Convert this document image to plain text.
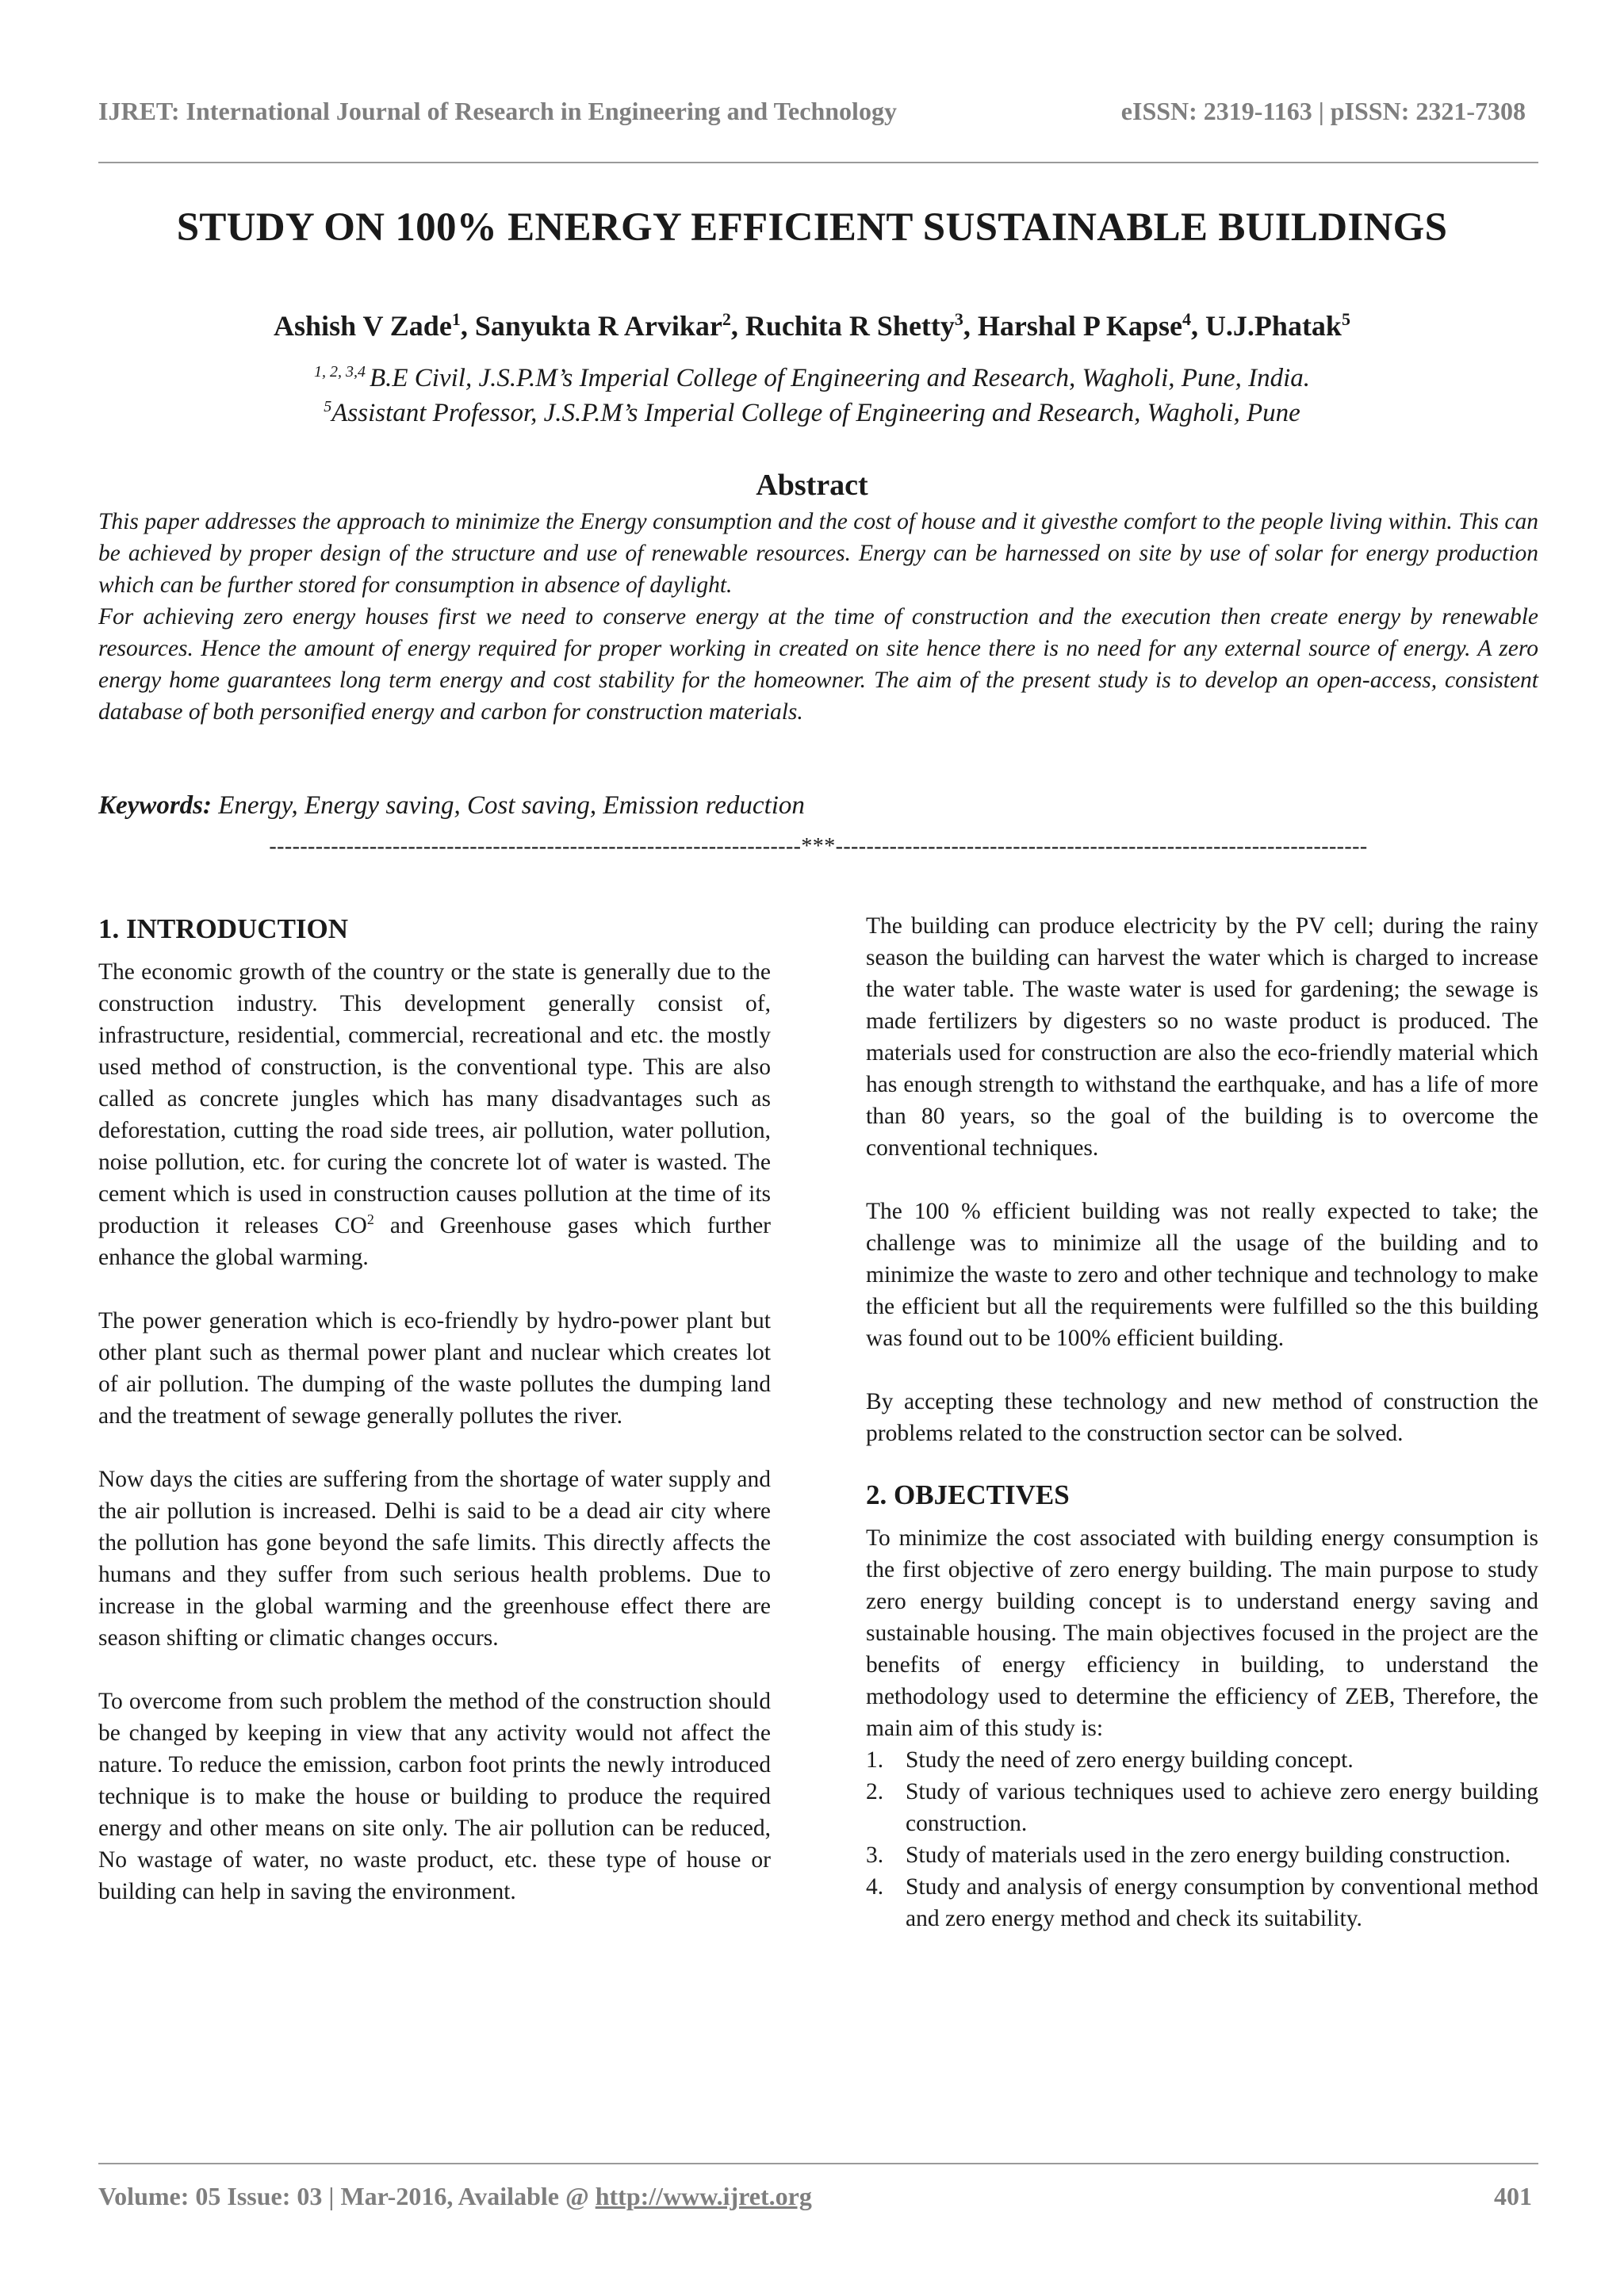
IJRET: International Journal of Research in Engineering and Technology	eISSN: 2319-1163 | pISSN: 2321-7308
STUDY ON 100% ENERGY EFFICIENT SUSTAINABLE BUILDINGS
Ashish V Zade$^1$, Sanyukta R Arvikar$^2$, Ruchita R Shetty$^3$, Harshal P Kapse$^4$, U.J.Phatak$^5$
$^{1, 2, 3,4}$ B.E Civil, J.S.P.M’s Imperial College of Engineering and Research, Wagholi, Pune, India.
$^5$Assistant Professor, J.S.P.M’s Imperial College of Engineering and Research, Wagholi, Pune
Abstract

This paper addresses the approach to minimize the Energy consumption and the cost of house and it givesthe comfort to the people living within. This can be achieved by proper design of the structure and use of renewable resources. Energy can be harnessed on site by use of solar for energy production which can be further stored for consumption in absence of daylight.

For achieving zero energy houses first we need to conserve energy at the time of construction and the execution then create energy by renewable resources. Hence the amount of energy required for proper working in created on site hence there is no need for any external source of energy. A zero energy home guarantees long term energy and cost stability for the homeowner. The aim of the present study is to develop an open-access, consistent database of both personified energy and carbon for construction materials.

Keywords: Energy, Energy saving, Cost saving, Emission reduction
---------------------------------------------------------------------***---------------------------------------------------------------------
1. INTRODUCTION

The economic growth of the country or the state is generally due to the construction industry. This development generally consist of, infrastructure, residential, commercial, recreational and etc. the mostly used method of construction, is the conventional type. This are also called as concrete jungles which has many disadvantages such as deforestation, cutting the road side trees, air pollution, water pollution, noise pollution, etc. for curing the concrete lot of water is wasted. The cement which is used in construction causes pollution at the time of its production it releases $CO^2$ and Greenhouse gases which further enhance the global warming.

The power generation which is eco-friendly by hydro-power plant but other plant such as thermal power plant and nuclear which creates lot of air pollution. The dumping of the waste pollutes the dumping land and the treatment of sewage generally pollutes the river.

Now days the cities are suffering from the shortage of water supply and the air pollution is increased. Delhi is said to be a dead air city where the pollution has gone beyond the safe limits. This directly affects the humans and they suffer from such serious health problems. Due to increase in the global warming and the greenhouse effect there are season shifting or climatic changes occurs.

To overcome from such problem the method of the construction should be changed by keeping in view that any activity would not affect the nature. To reduce the emission, carbon foot prints the newly introduced technique is to make the house or building to produce the required energy and other means on site only. The air pollution can be reduced, No wastage of water, no waste product, etc. these type of house or building can help in saving the environment.

The building can produce electricity by the PV cell; during the rainy season the building can harvest the water which is charged to increase the water table. The waste water is used for gardening; the sewage is made fertilizers by digesters so no waste product is produced. The materials used for construction are also the eco-friendly material which has enough strength to withstand the earthquake, and has a life of more than 80 years, so the goal of the building is to overcome the conventional techniques.

The 100 % efficient building was not really expected to take; the challenge was to minimize all the usage of the building and to minimize the waste to zero and other technique and technology to make the efficient but all the requirements were fulfilled so the this building was found out to be 100% efficient building.

By accepting these technology and new method of construction the problems related to the construction sector can be solved.

2. OBJECTIVES

To minimize the cost associated with building energy consumption is the first objective of zero energy building. The main purpose to study zero energy building concept is to understand energy saving and sustainable housing. The main objectives focused in the project are the benefits of energy efficiency in building, to understand the methodology used to determine the efficiency of ZEB, Therefore, the main aim of this study is:

1. Study the need of zero energy building concept.
2. Study of various techniques used to achieve zero energy building construction.
3. Study of materials used in the zero energy building construction.
4. Study and analysis of energy consumption by conventional method and zero energy method and check its suitability.
Volume: 05 Issue: 03 | Mar-2016, Available @ http://www.ijret.org	401
